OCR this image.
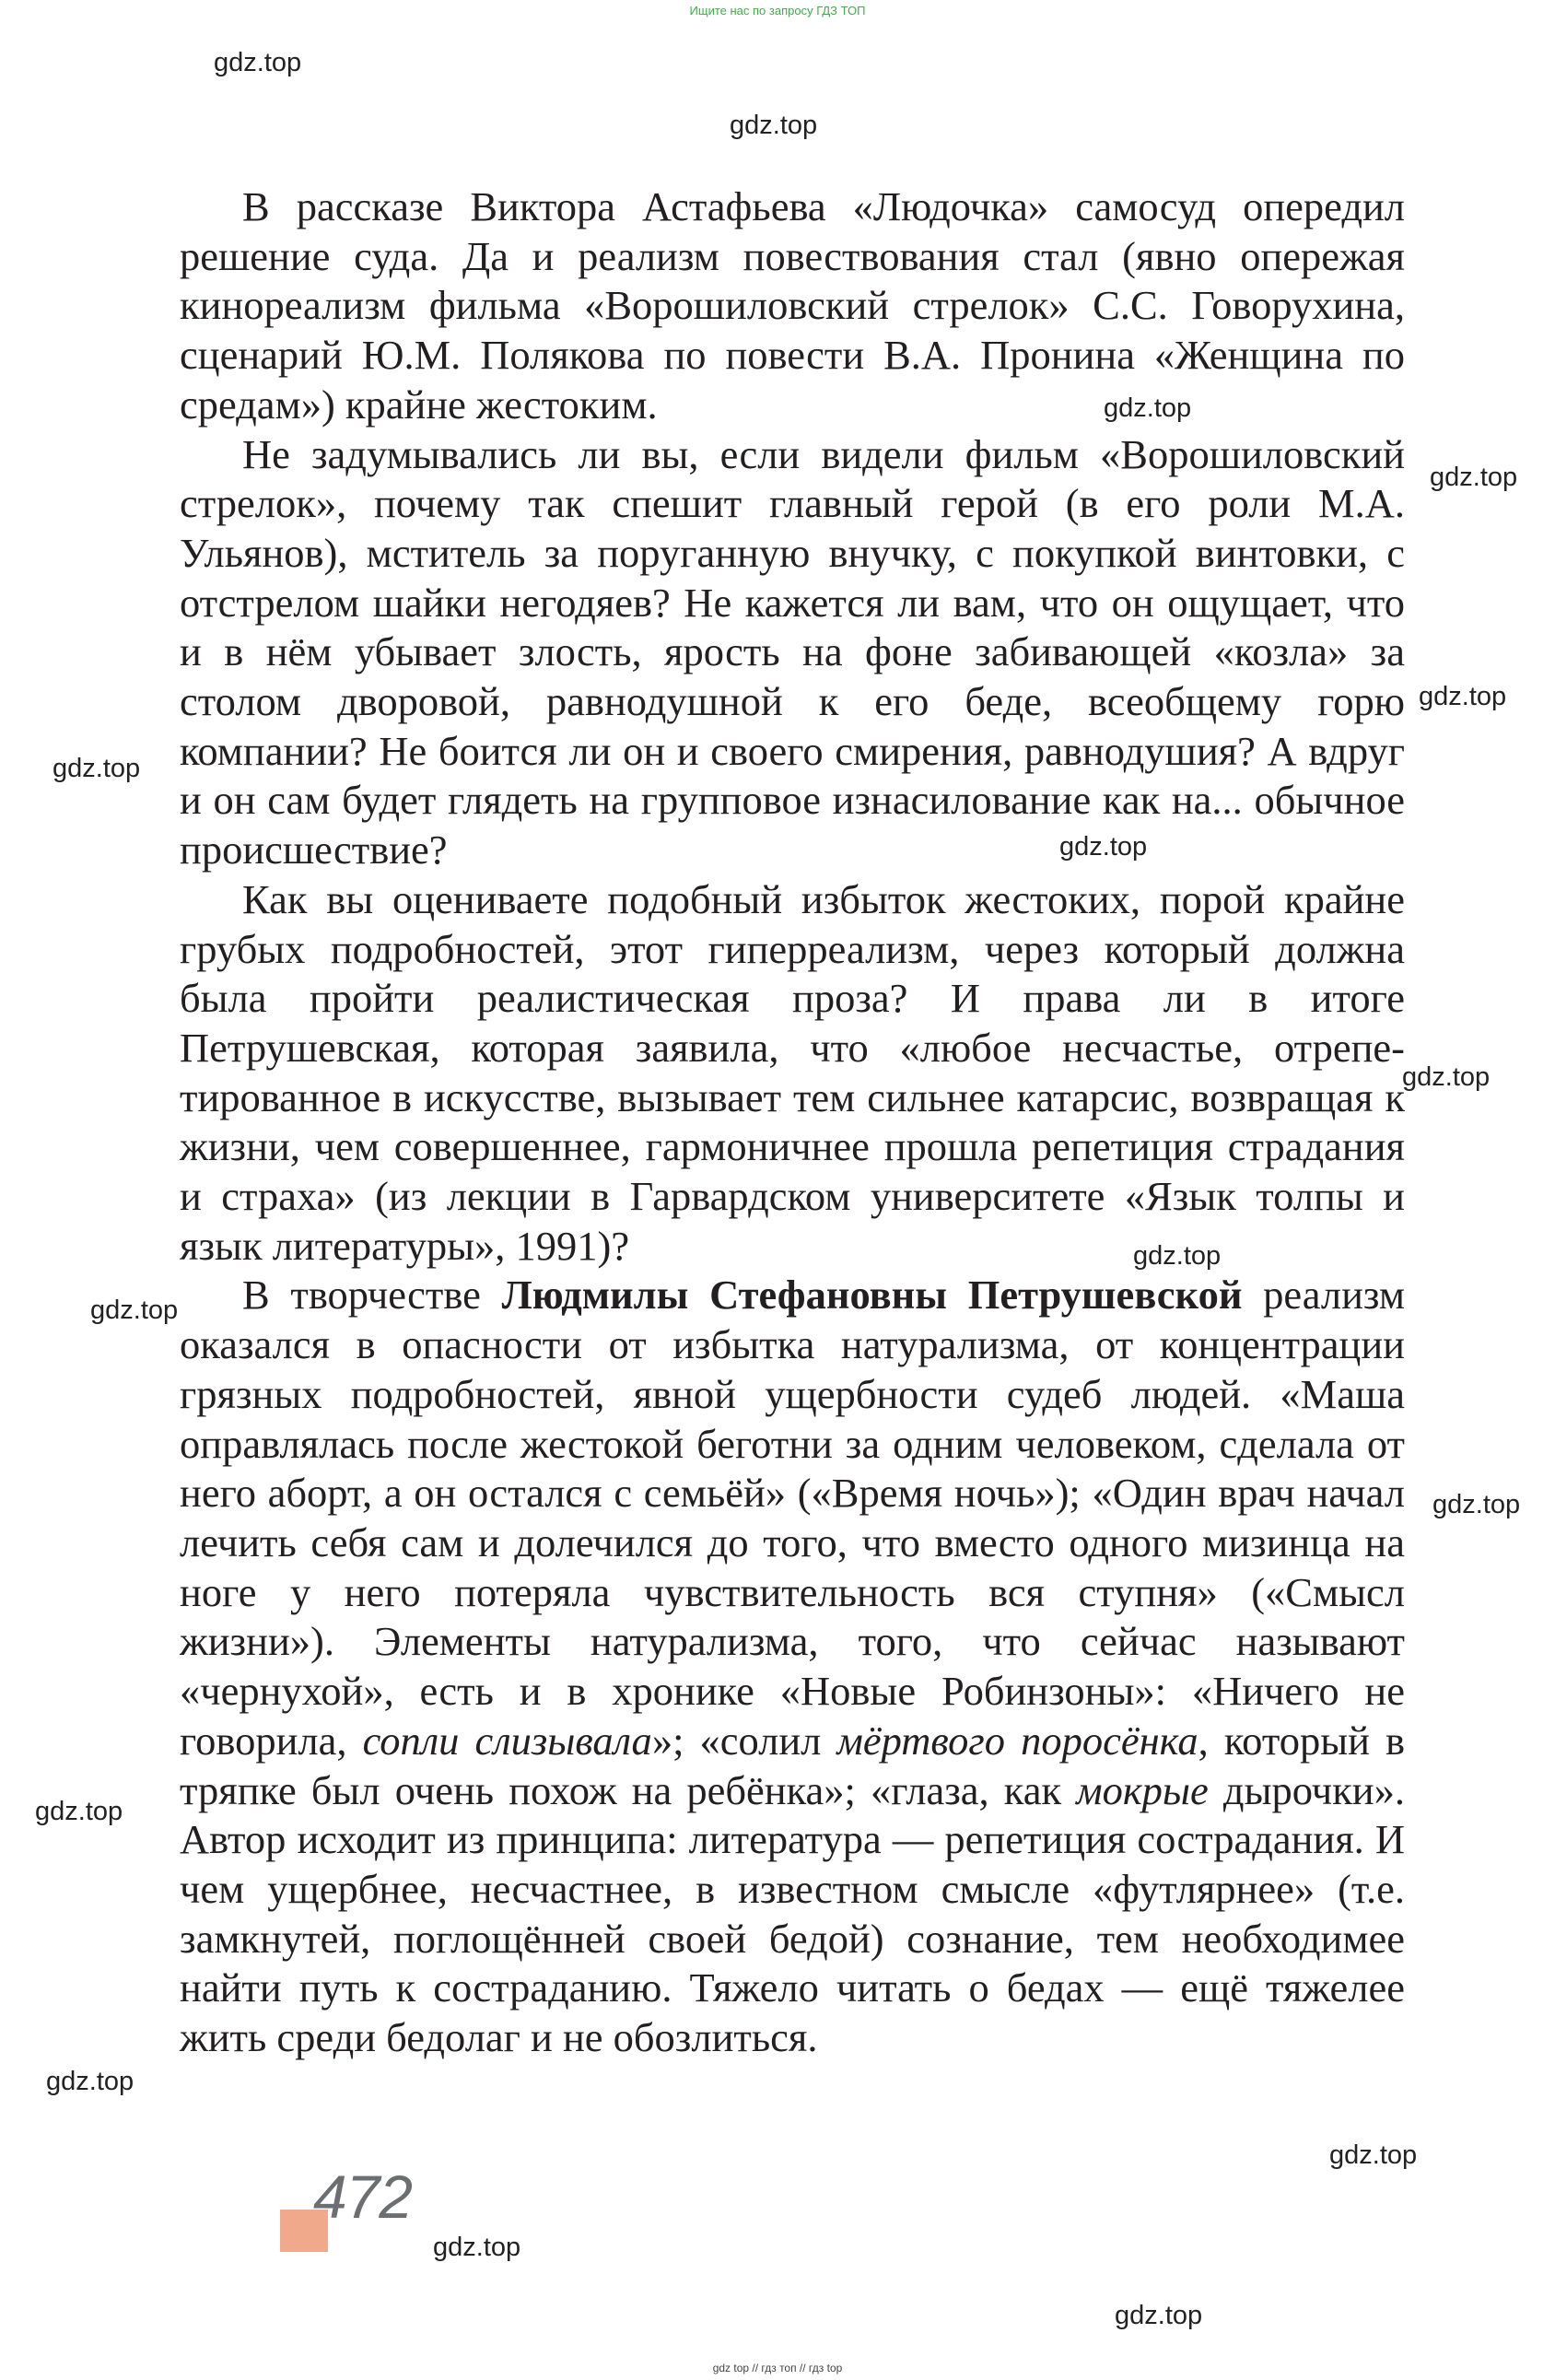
Ищите нас по запросу ГДЗ ТОП
gdz.top
gdz.top
gdz.top
gdz.top
gdz.top
gdz.top
gdz.top
gdz.top
gdz.top
gdz.top
gdz.top
gdz.top
gdz.top
gdz.top
gdz.top
gdz.top

В рассказе Виктора Астафьева «Людочка» самосуд опередил решение суда. Да и реализм повествования стал (явно опережая кинореализм фильма «Ворошиловский стрелок» С.С. Говорухина, сценарий Ю.М. Полякова по повести В.А. Пронина «Женщина по средам») крайне жестоким.

Не задумывались ли вы, если видели фильм «Ворошиловский стрелок», почему так спешит главный герой (в его роли М.А. Ульянов), мститель за поруганную внучку, с покупкой винтовки, с отстрелом шайки негодяев? Не кажется ли вам, что он ощущает, что и в нём убывает злость, ярость на фоне забивающей «козла» за столом дворовой, равнодушной к его беде, всеобщему горю компании? Не боится ли он и своего смирения, равнодушия? А вдруг и он сам будет глядеть на групповое изнасилование как на... обычное происшествие?

Как вы оцениваете подобный избыток жестоких, порой крайне грубых подробностей, этот гиперреализм, через который должна была пройти реалистическая проза? И права ли в итоге Петрушевская, которая заявила, что «любое несчастье, отрепетированное в искусстве, вызывает тем сильнее катарсис, возвращая к жизни, чем совершеннее, гармоничнее прошла репетиция страдания и страха» (из лекции в Гарвардском университете «Язык толпы и язык литературы», 1991)?

В творчестве Людмилы Стефановны Петрушевской реализм оказался в опасности от избытка натурализма, от концентрации грязных подробностей, явной ущербности судеб людей. «Маша оправлялась после жестокой беготни за одним человеком, сделала от него аборт, а он остался с семьёй» («Время ночь»); «Один врач начал лечить себя сам и долечился до того, что вместо одного мизинца на ноге у него потеряла чувствительность вся ступня» («Смысл жизни»). Элементы натурализма, того, что сейчас называют «чернухой», есть и в хронике «Новые Робинзоны»: «Ничего не говорила, сопли слизывала»; «солил мёртвого поросёнка, который в тряпке был очень похож на ребёнка»; «глаза, как мокрые дырочки». Автор исходит из принципа: литература — репетиция сострадания. И чем ущербнее, несчастнее, в известном смысле «футлярнее» (т.е. замкнутей, поглощённей своей бедой) сознание, тем необходимее найти путь к состраданию. Тяжело читать о бедах — ещё тяжелее жить среди бедолаг и не обозлиться.

472
gdz top // гдз топ // гдз top
